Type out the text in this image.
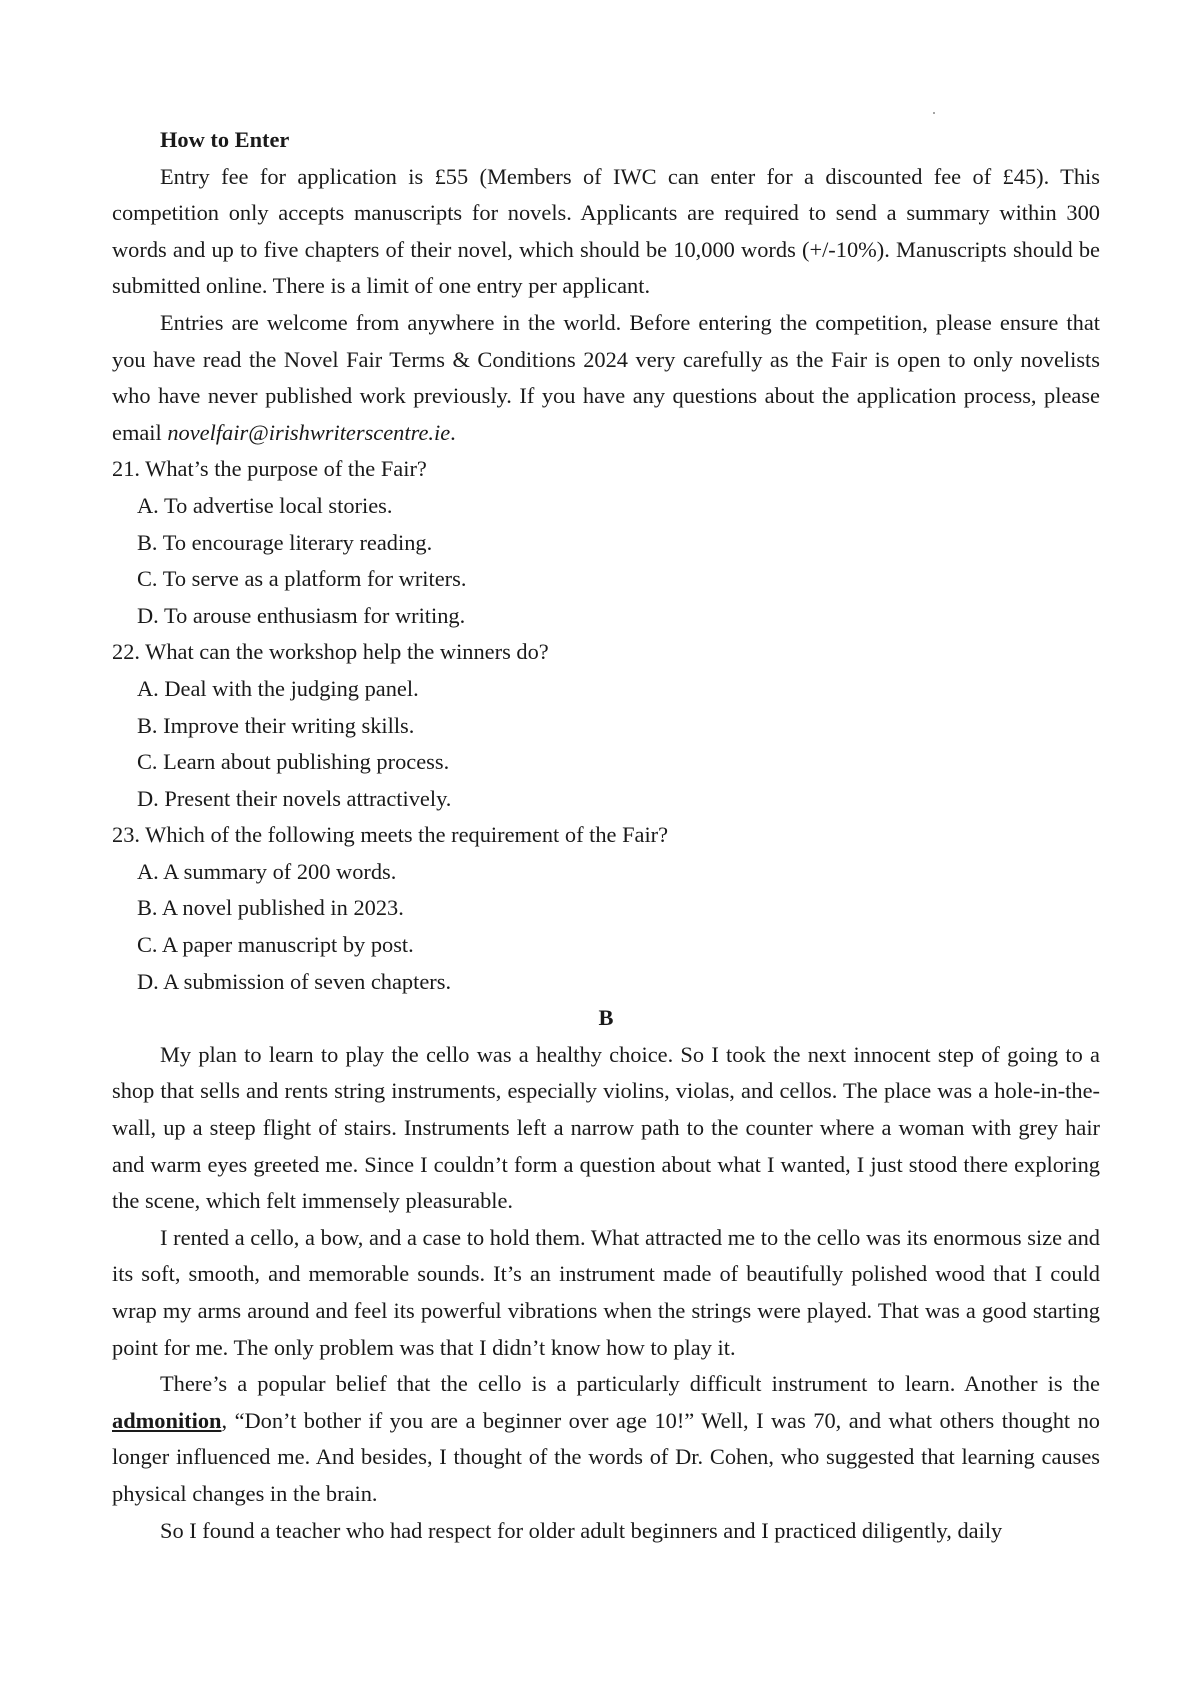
How to Enter

Entry fee for application is £55 (Members of IWC can enter for a discounted fee of £45). This competition only accepts manuscripts for novels. Applicants are required to send a summary within 300 words and up to five chapters of their novel, which should be 10,000 words (+/-10%). Manuscripts should be submitted online. There is a limit of one entry per applicant.

Entries are welcome from anywhere in the world. Before entering the competition, please ensure that you have read the Novel Fair Terms & Conditions 2024 very carefully as the Fair is open to only novelists who have never published work previously. If you have any questions about the application process, please email novelfair@irishwriterscentre.ie.

21. What’s the purpose of the Fair?

A. To advertise local stories.

B. To encourage literary reading.

C. To serve as a platform for writers.

D. To arouse enthusiasm for writing.

22. What can the workshop help the winners do?

A. Deal with the judging panel.

B. Improve their writing skills.

C. Learn about publishing process.

D. Present their novels attractively.

23. Which of the following meets the requirement of the Fair?

A. A summary of 200 words.

B. A novel published in 2023.

C. A paper manuscript by post.

D. A submission of seven chapters.

B

My plan to learn to play the cello was a healthy choice. So I took the next innocent step of going to a shop that sells and rents string instruments, especially violins, violas, and cellos. The place was a hole-in-the-wall, up a steep flight of stairs. Instruments left a narrow path to the counter where a woman with grey hair and warm eyes greeted me. Since I couldn’t form a question about what I wanted, I just stood there exploring the scene, which felt immensely pleasurable.

I rented a cello, a bow, and a case to hold them. What attracted me to the cello was its enormous size and its soft, smooth, and memorable sounds. It’s an instrument made of beautifully polished wood that I could wrap my arms around and feel its powerful vibrations when the strings were played. That was a good starting point for me. The only problem was that I didn’t know how to play it.

There’s a popular belief that the cello is a particularly difficult instrument to learn. Another is the admonition, “Don’t bother if you are a beginner over age 10!” Well, I was 70, and what others thought no longer influenced me. And besides, I thought of the words of Dr. Cohen, who suggested that learning causes physical changes in the brain.

So I found a teacher who had respect for older adult beginners and I practiced diligently, daily
